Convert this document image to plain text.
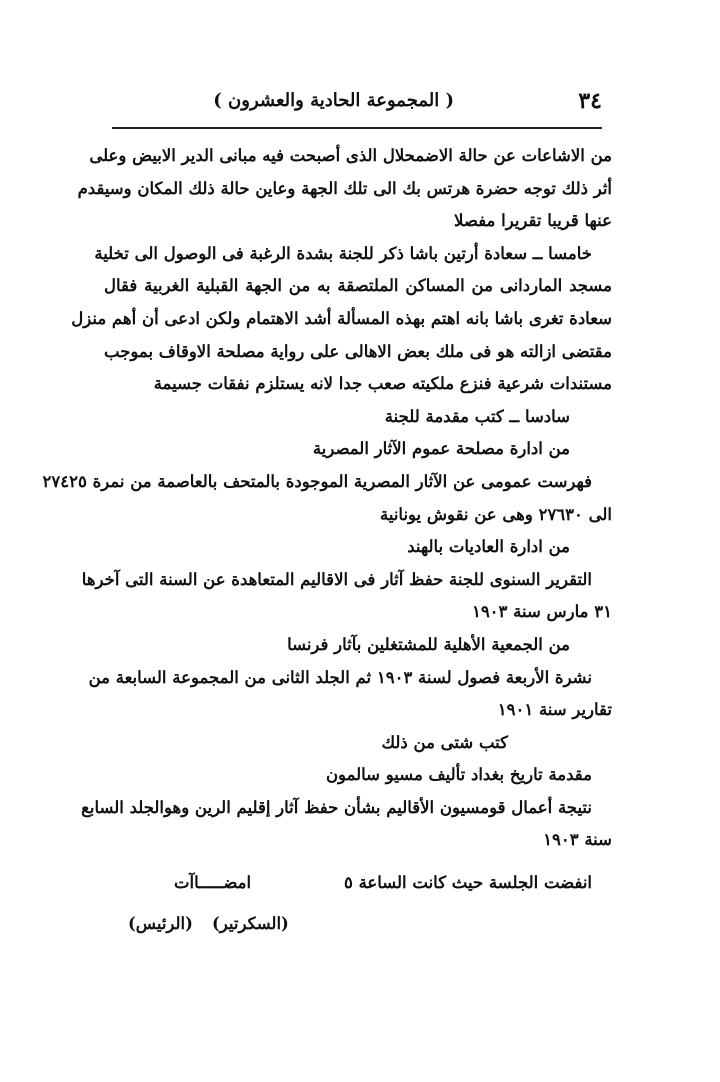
٣٤
( المجموعة الحادية والعشرون )
من الاشاعات عن حالة الاضمحلال الذى أصبحت فيه مبانى الدير الابيض وعلى
أثر ذلك توجه حضرة هرتس بك الى تلك الجهة وعاين حالة ذلك المكان وسيقدم
عنها قريبا تقريرا مفصلا
خامسا ــ سعادة أرتين باشا ذكر للجنة بشدة الرغبة فى الوصول الى تخلية
مسجد الماردانى من المساكن الملتصقة به من الجهة القبلية الغربية فقال
سعادة تغرى باشا بانه اهتم بهذه المسألة أشد الاهتمام ولكن ادعى أن أهم منزل
مقتضى ازالته هو فى ملك بعض الاهالى على رواية مصلحة الاوقاف بموجب
مستندات شرعية فنزع ملكيته صعب جدا لانه يستلزم نفقات جسيمة
سادسا ــ كتب مقدمة للجنة
من ادارة مصلحة عموم الآثار المصرية
فهرست عمومى عن الآثار المصرية الموجودة بالمتحف بالعاصمة من نمرة ٢٧٤٢٥
الى ٢٧٦٣٠ وهى عن نقوش يونانية
من ادارة العاديات بالهند
التقرير السنوى للجنة حفظ آثار فى الاقاليم المتعاهدة عن السنة التى آخرها
٣١ مارس سنة ١٩٠٣
من الجمعية الأهلية للمشتغلين بآثار فرنسا
نشرة الأربعة فصول لسنة ١٩٠٣ ثم الجلد الثانى من المجموعة السابعة من
تقارير سنة ١٩٠١
كتب شتى من ذلك
مقدمة تاريخ بغداد تأليف مسيو سالمون
نتيجة أعمال قومسيون الأقاليم بشأن حفظ آثار إقليم الرين وهوالجلد السابع
سنة ١٩٠٣
انفضت الجلسة حيث كانت الساعة ٥
امضـــــاآت
(السكرتير)
(الرئيس)
